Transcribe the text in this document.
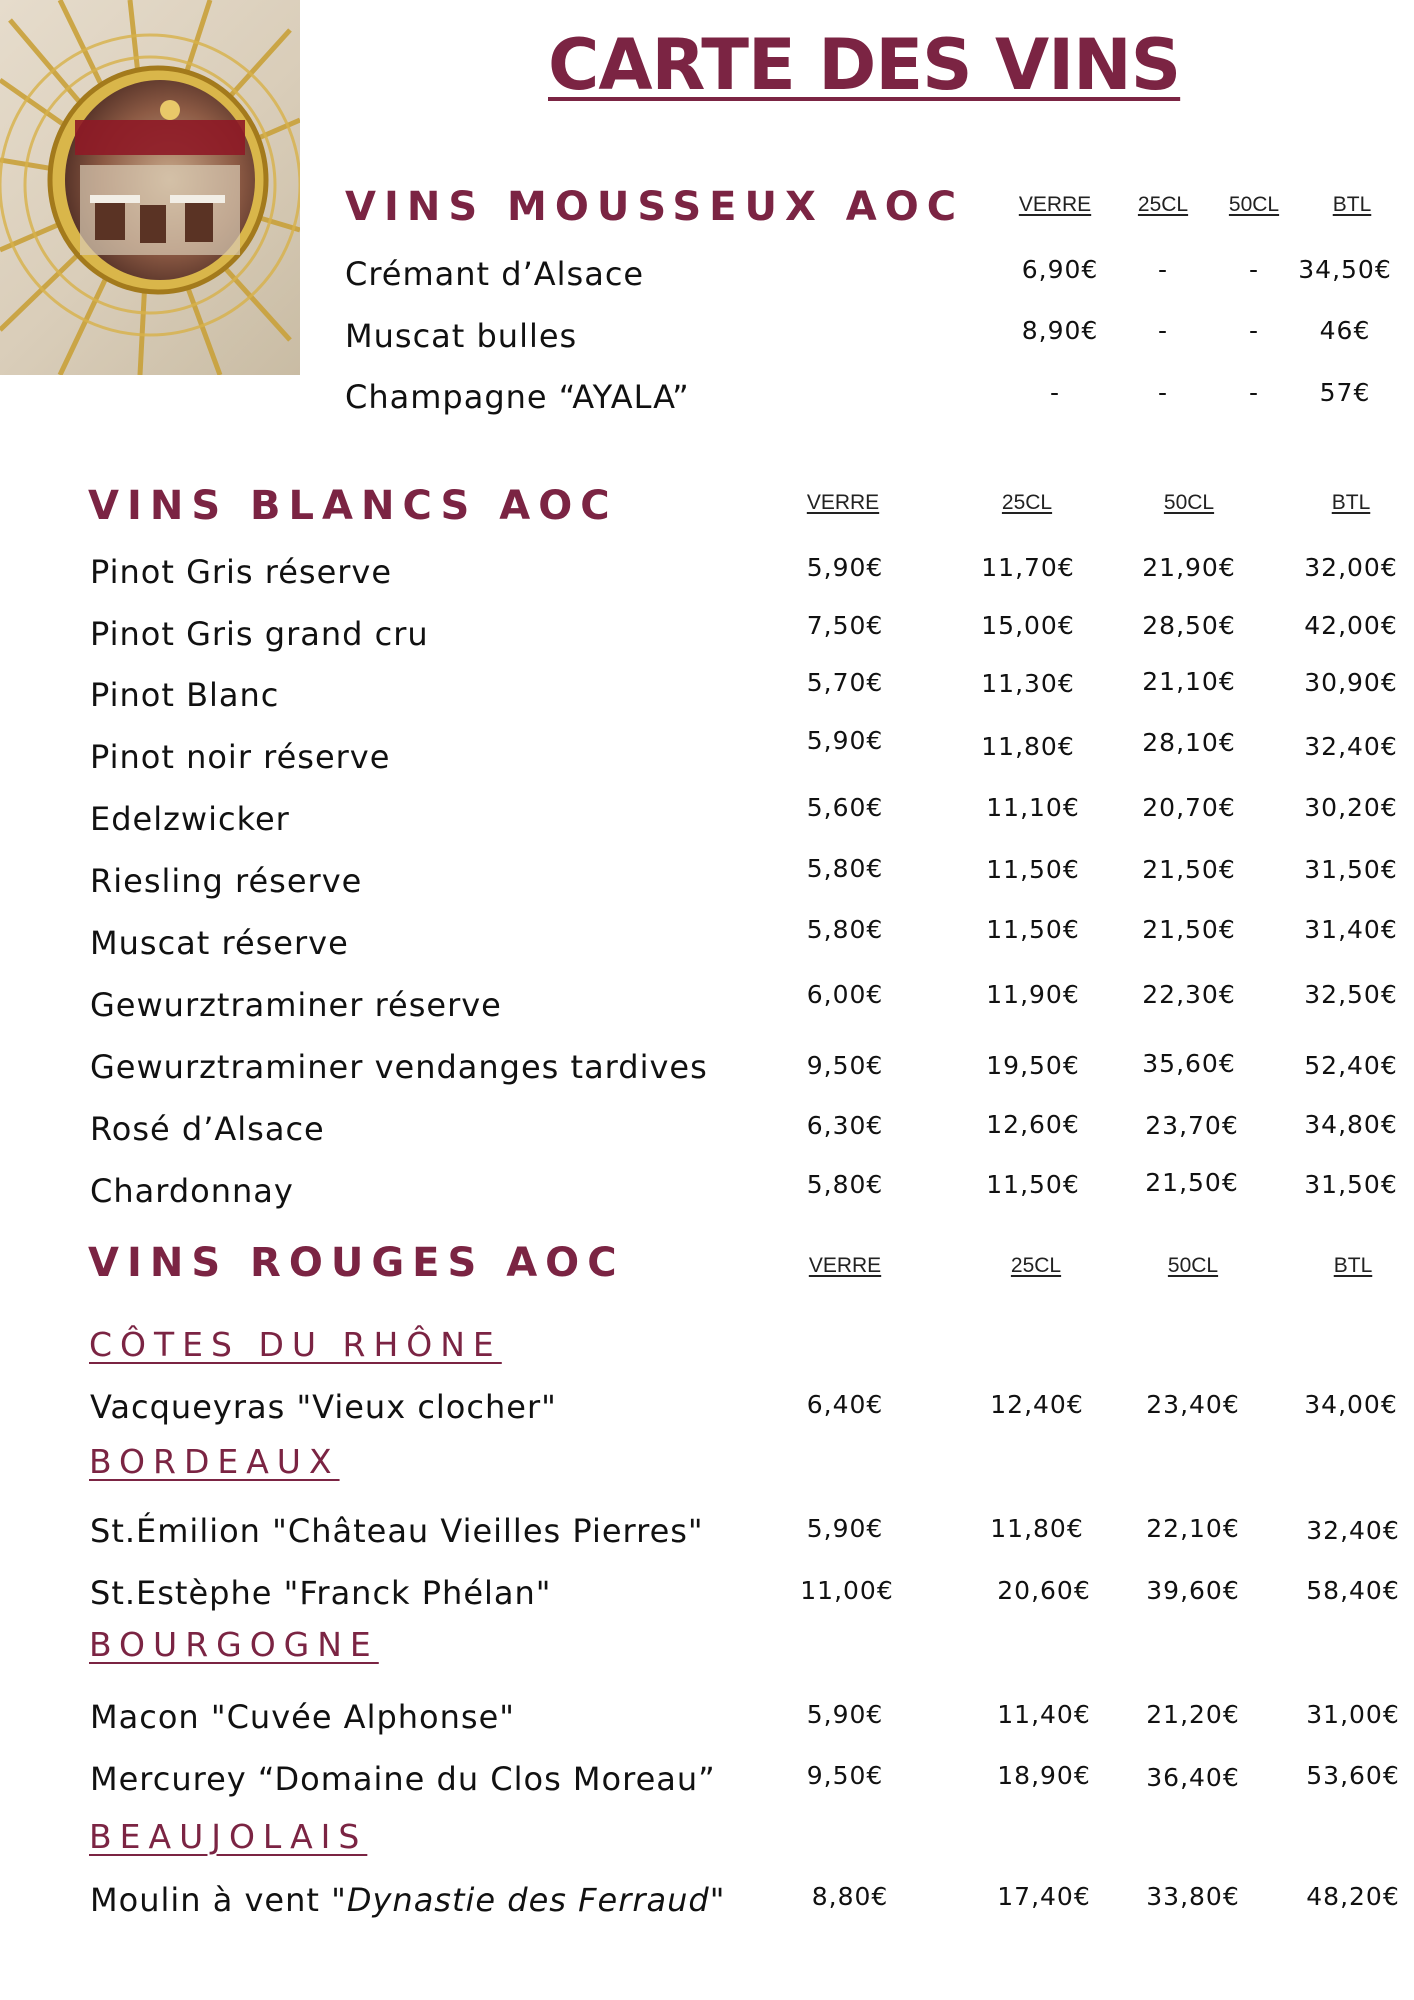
CARTE DES VINS
VINS MOUSSEUX AOC	VERRE 25CL 50CL	BTL
Crémant d’Alsace	6,90€ -	- 34,50€
Muscat bulles	8,90€ -	- 46€
Champagne “AYALA”	-	-	- 57€
VINS BLANCS AOC	VERRE	25CL	50CL	BTL
Pinot Gris réserve	5,90€	11,70€	21,90€	32,00€
Pinot Gris grand cru	7,50€	15,00€	28,50€	42,00€
Pinot Blanc	5,70€	11,30€	21,10€	30,90€
Pinot noir réserve	5,90€	11,80€	28,10€	32,40€
Edelzwicker	5,60€	11,10€	20,70€	30,20€
Riesling réserve	5,80€	11,50€	21,50€	31,50€
Muscat réserve	5,80€	11,50€	21,50€	31,40€
Gewurztraminer réserve	6,00€	11,90€	22,30€	32,50€
Gewurztraminer vendanges tardives	9,50€	19,50€	35,60€	52,40€
Rosé d’Alsace	6,30€	12,60€	23,70€	34,80€
Chardonnay	5,80€	11,50€	21,50€	31,50€
VINS ROUGES AOC	VERRE	25CL	50CL	BTL
CÔTES DU RHÔNE
Vacqueyras "Vieux clocher"	6,40€	12,40€	23,40€	34,00€
BORDEAUX
St.Émilion "Château Vieilles Pierres"	5,90€	11,80€	22,10€	32,40€
St.Estèphe "Franck Phélan"	11,00€	20,60€ 39,60€	58,40€
BOURGOGNE
Macon "Cuvée Alphonse"	5,90€	11,40€ 21,20€	31,00€
Mercurey “Domaine du Clos Moreau”	9,50€	18,90€ 36,40€	53,60€
BEAUJOLAIS
Moulin à vent "Dynastie des Ferraud"	8,80€	17,40€ 33,80€	48,20€
